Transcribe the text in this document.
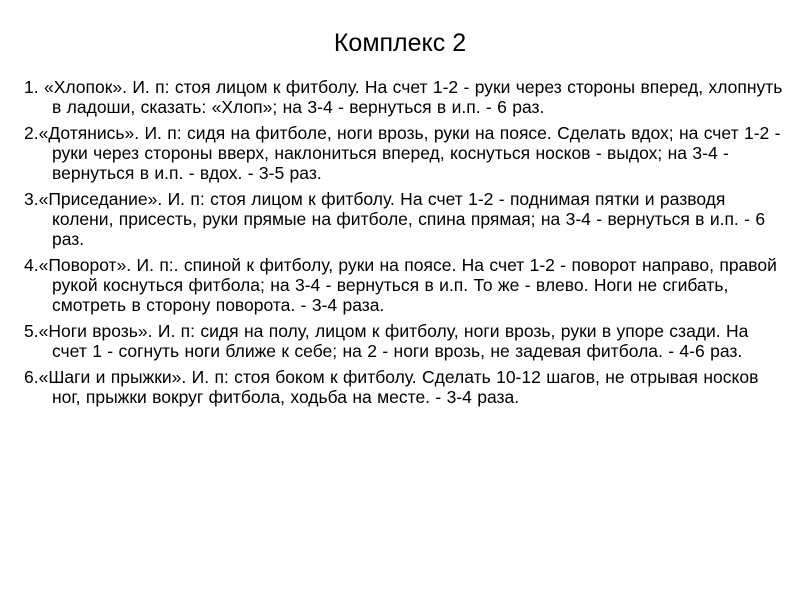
Комплекс 2
1. «Хлопок». И. п: стоя лицом к фитболу. На счет 1-2 - руки через стороны вперед, хлопнуть в ладоши, сказать: «Хлоп»; на 3-4 - вернуться в и.п. - 6 раз.
2.«Дотянись». И. п: сидя на фитболе, ноги врозь, руки на поясе. Сделать вдох; на счет 1-2 - руки через стороны вверх, наклониться вперед, коснуться носков - выдох; на 3-4 - вернуться в и.п. - вдох. - 3-5 раз.
3.«Приседание». И. п: стоя лицом к фитболу. На счет 1-2 - поднимая пятки и разводя колени, присесть, руки прямые на фитболе, спина прямая; на 3-4 - вернуться в и.п. - 6 раз.
4.«Поворот». И. п:. спиной к фитболу, руки на поясе. На счет 1-2 - поворот направо, правой рукой коснуться фитбола; на 3-4 - вернуться в и.п. То же - влево. Ноги не сгибать, смотреть в сторону поворота. - 3-4 раза.
5.«Ноги врозь». И. п: сидя на полу, лицом к фитболу, ноги врозь, руки в упоре сзади. На счет 1 - согнуть ноги ближе к себе; на 2 - ноги врозь, не задевая фитбола. - 4-6 раз.
6.«Шаги и прыжки». И. п: стоя боком к фитболу. Сделать 10-12 шагов, не отрывая носков ног, прыжки вокруг фитбола, ходьба на месте. - 3-4 раза.
